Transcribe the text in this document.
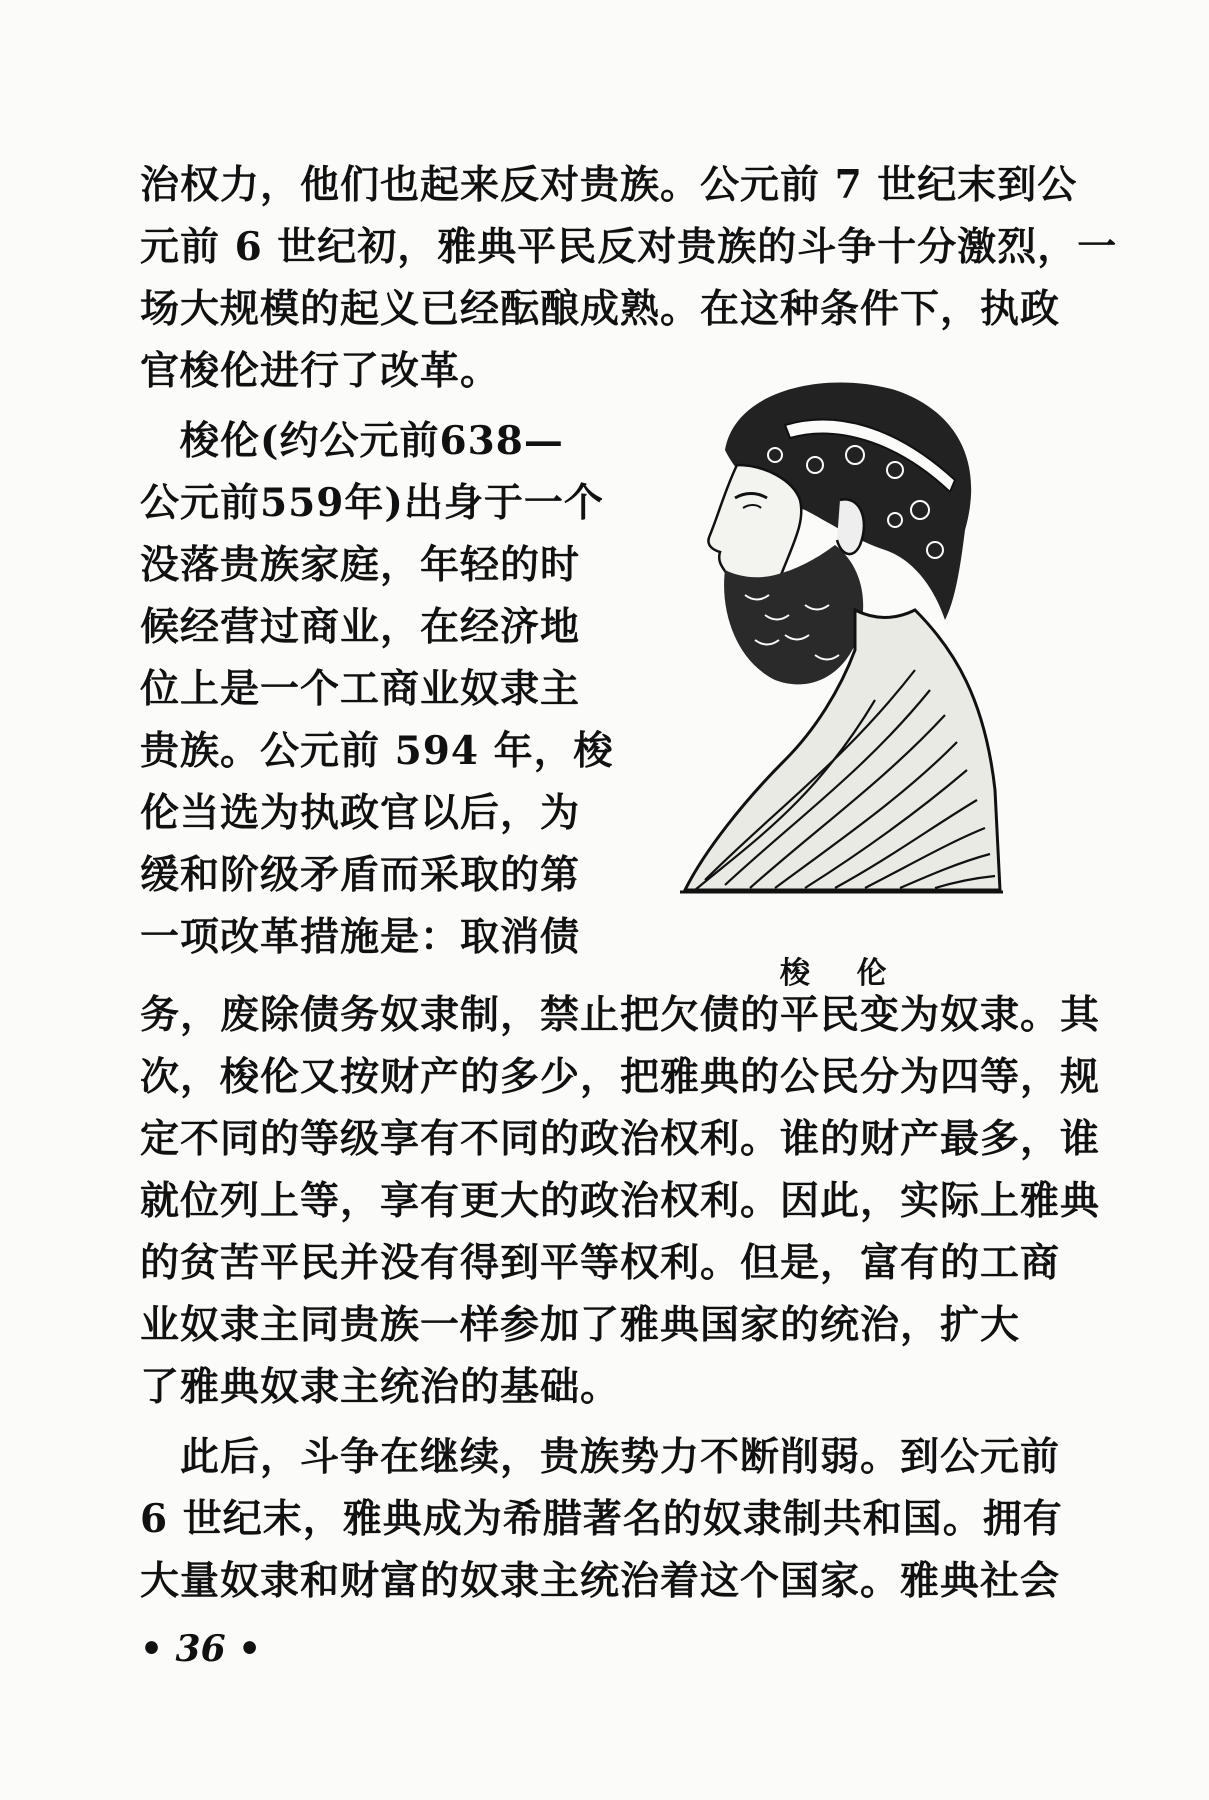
治权力，他们也起来反对贵族。公元前 7 世纪末到公
元前 6 世纪初，雅典平民反对贵族的斗争十分激烈，一
场大规模的起义已经酝酿成熟。在这种条件下，执政
官梭伦进行了改革。
　梭伦(约公元前638—
公元前559年)出身于一个
没落贵族家庭，年轻的时
候经营过商业，在经济地
位上是一个工商业奴隶主
贵族。公元前 594 年，梭
伦当选为执政官以后，为
缓和阶级矛盾而采取的第
一项改革措施是：取消债
梭 伦
务，废除债务奴隶制，禁止把欠债的平民变为奴隶。其
次，梭伦又按财产的多少，把雅典的公民分为四等，规
定不同的等级享有不同的政治权利。谁的财产最多，谁
就位列上等，享有更大的政治权利。因此，实际上雅典
的贫苦平民并没有得到平等权利。但是，富有的工商
业奴隶主同贵族一样参加了雅典国家的统治，扩大
了雅典奴隶主统治的基础。
　此后，斗争在继续，贵族势力不断削弱。到公元前
6 世纪末，雅典成为希腊著名的奴隶制共和国。拥有
大量奴隶和财富的奴隶主统治着这个国家。雅典社会
• 36 •
